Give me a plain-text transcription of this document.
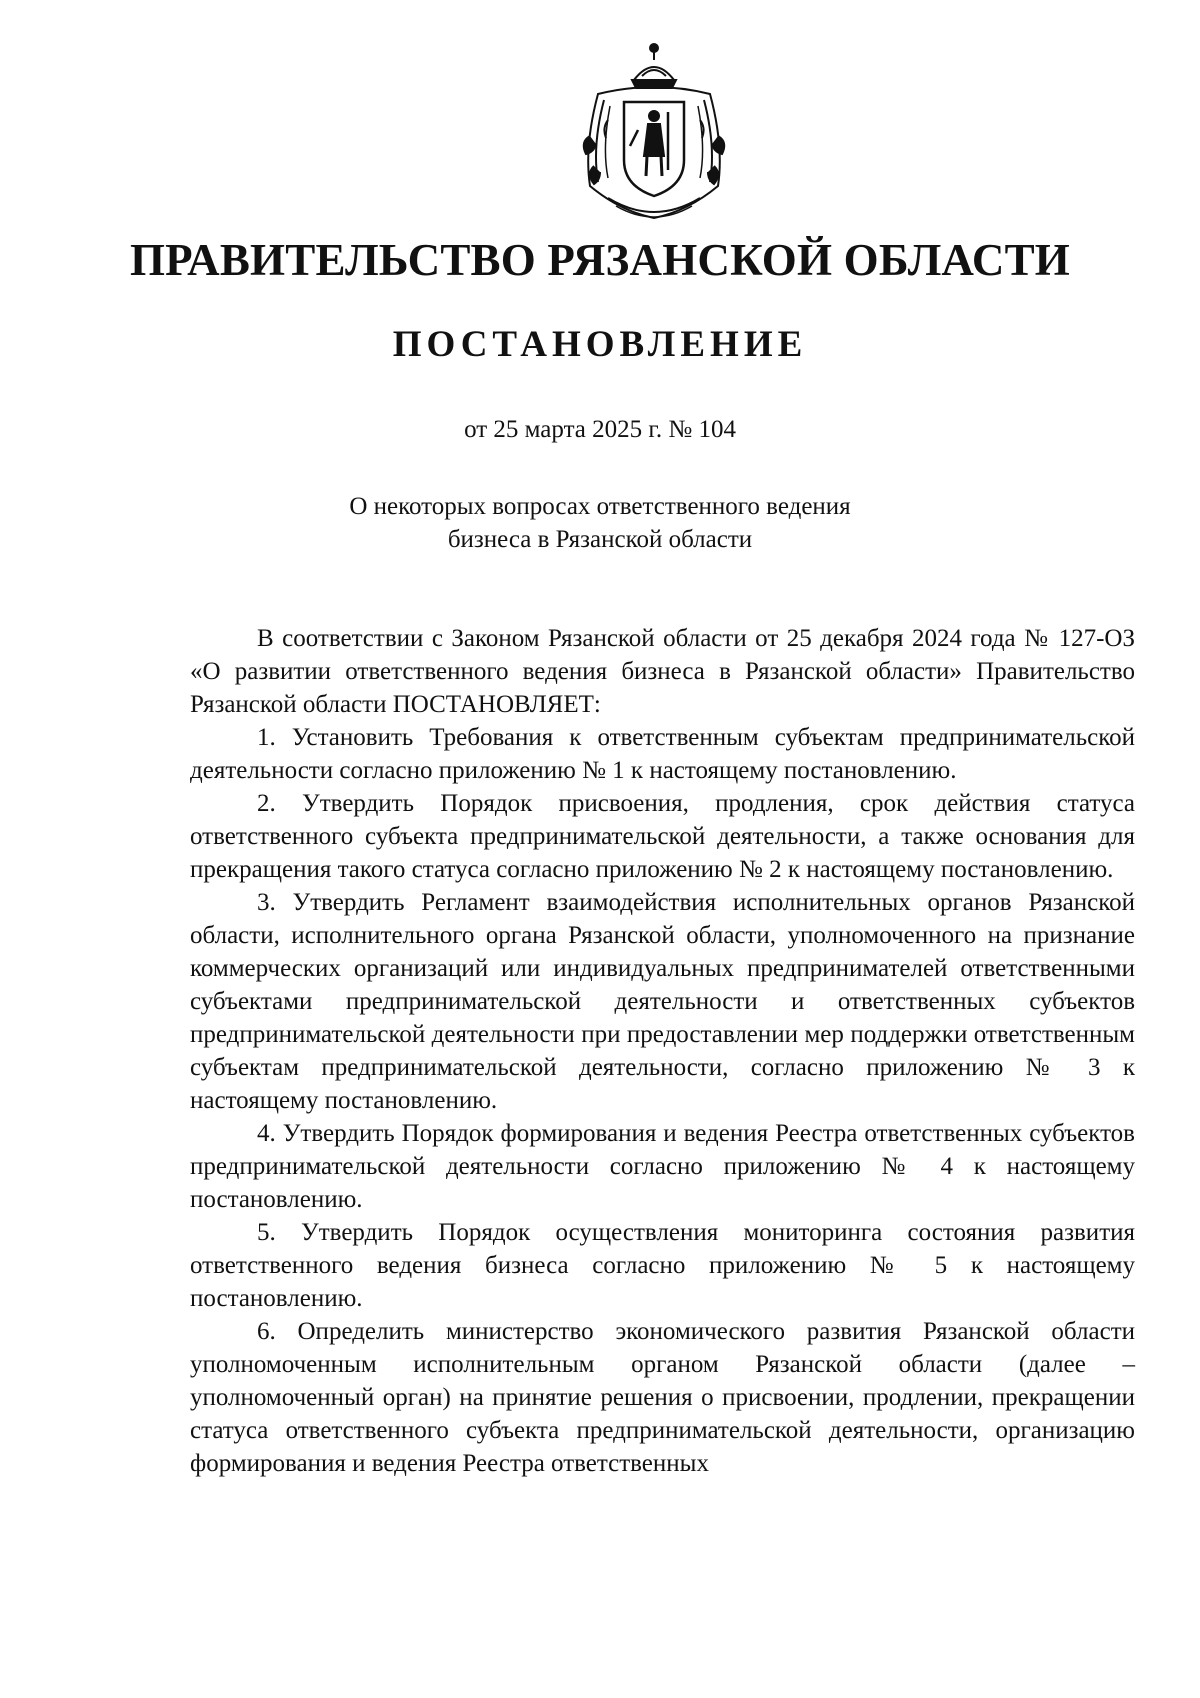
ПРАВИТЕЛЬСТВО РЯЗАНСКОЙ ОБЛАСТИ
ПОСТАНОВЛЕНИЕ
от 25 марта 2025 г. № 104
О некоторых вопросах ответственного ведения
бизнеса в Рязанской области

В соответствии с Законом Рязанской области от 25 декабря 2024 года № 127-ОЗ «О развитии ответственного ведения бизнеса в Рязанской области» Правительство Рязанской области ПОСТАНОВЛЯЕТ:

1. Установить Требования к ответственным субъектам предпринимательской деятельности согласно приложению № 1 к настоящему постановлению.

2. Утвердить Порядок присвоения, продления, срок действия статуса ответственного субъекта предпринимательской деятельности, а также основания для прекращения такого статуса согласно приложению № 2 к настоящему постановлению.

3. Утвердить Регламент взаимодействия исполнительных органов Рязанской области, исполнительного органа Рязанской области, уполномоченного на признание коммерческих организаций или индивидуальных предпринимателей ответственными субъектами предпринимательской деятельности и ответственных субъектов предпринимательской деятельности при предоставлении мер поддержки ответственным субъектам предпринимательской деятельности, согласно приложению № 3 к настоящему постановлению.

4. Утвердить Порядок формирования и ведения Реестра ответственных субъектов предпринимательской деятельности согласно приложению № 4 к настоящему постановлению.

5. Утвердить Порядок осуществления мониторинга состояния развития ответственного ведения бизнеса согласно приложению № 5 к настоящему постановлению.

6. Определить министерство экономического развития Рязанской области уполномоченным исполнительным органом Рязанской области (далее – уполномоченный орган) на принятие решения о присвоении, продлении, прекращении статуса ответственного субъекта предпринимательской деятельности, организацию формирования и ведения Реестра ответственных
